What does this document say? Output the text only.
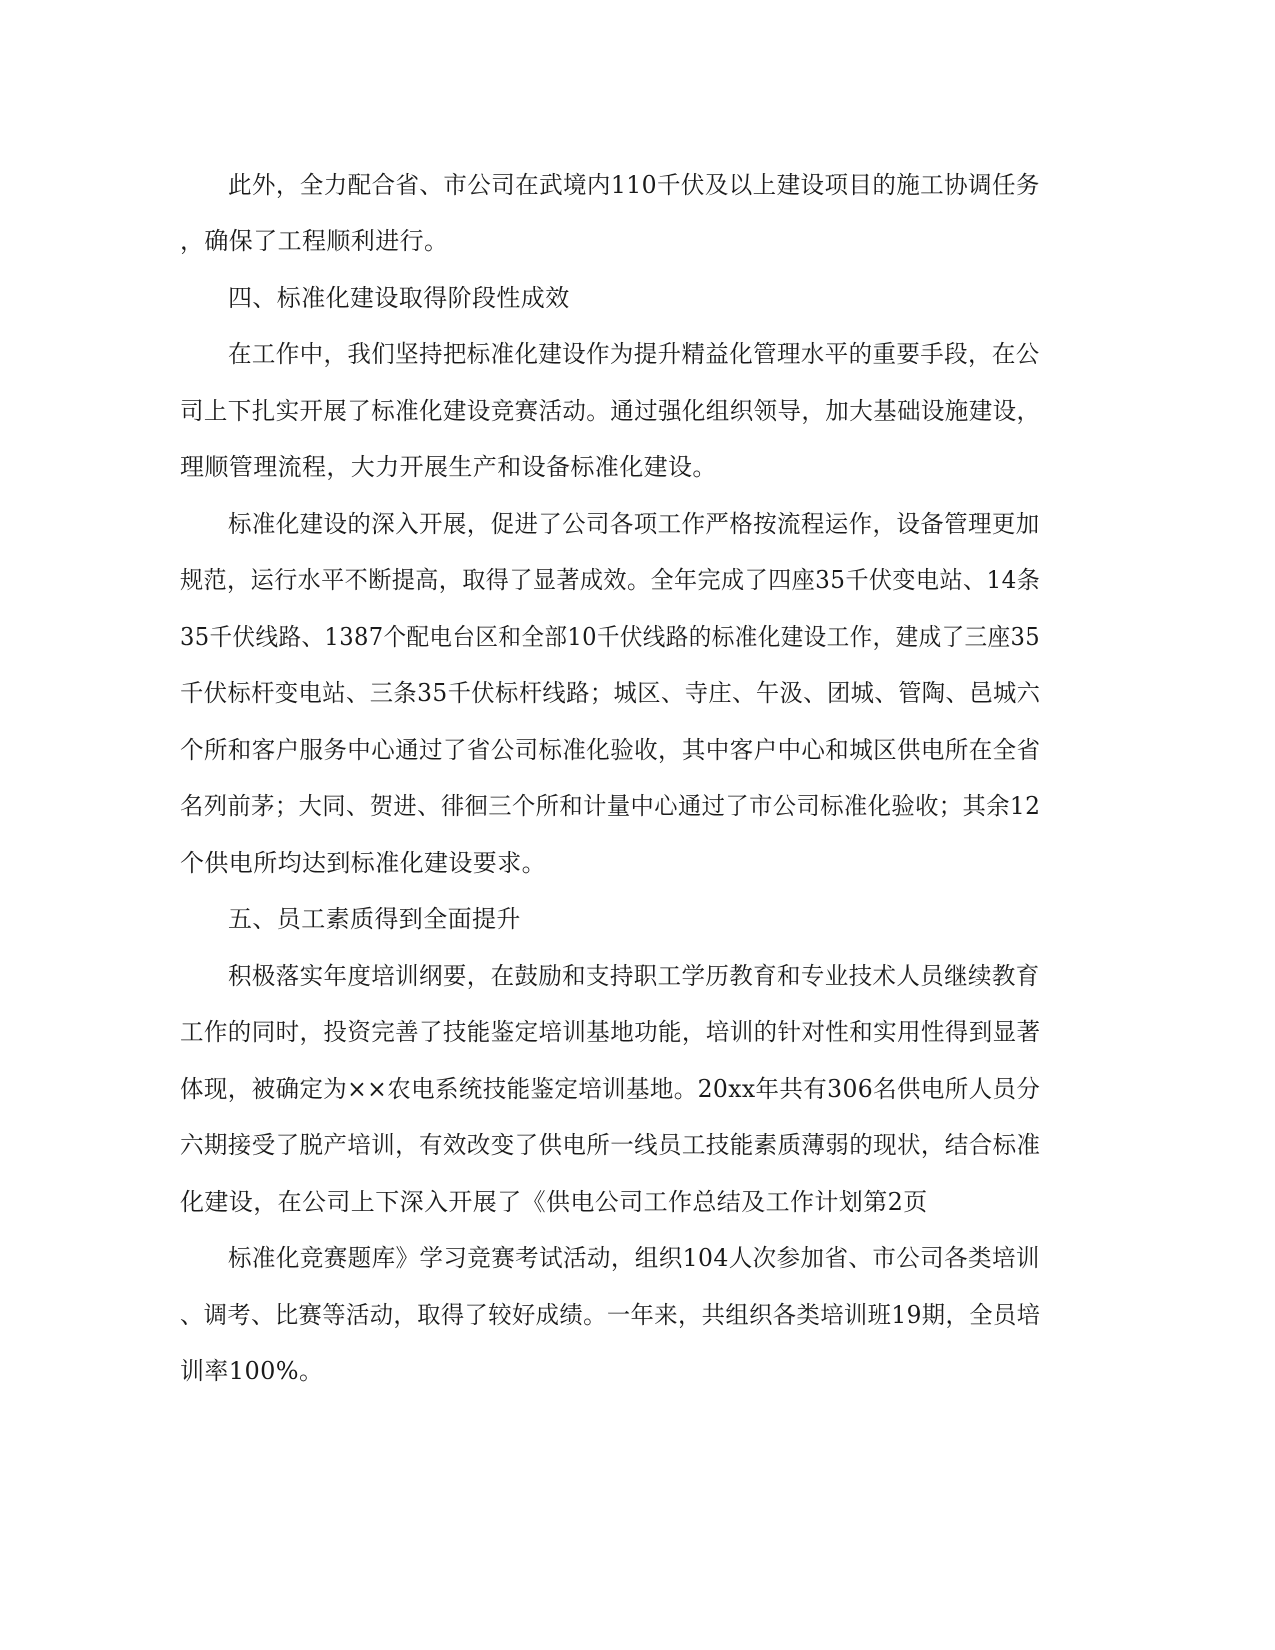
此外，全力配合省、市公司在武境内110千伏及以上建设项目的施工协调任务
，确保了工程顺利进行。
四、标准化建设取得阶段性成效
在工作中，我们坚持把标准化建设作为提升精益化管理水平的重要手段，在公
司上下扎实开展了标准化建设竞赛活动。通过强化组织领导，加大基础设施建设，
理顺管理流程，大力开展生产和设备标准化建设。
标准化建设的深入开展，促进了公司各项工作严格按流程运作，设备管理更加
规范，运行水平不断提高，取得了显著成效。全年完成了四座35千伏变电站、14条
35千伏线路、1387个配电台区和全部10千伏线路的标准化建设工作，建成了三座35
千伏标杆变电站、三条35千伏标杆线路；城区、寺庄、午汲、团城、管陶、邑城六
个所和客户服务中心通过了省公司标准化验收，其中客户中心和城区供电所在全省
名列前茅；大同、贺进、徘徊三个所和计量中心通过了市公司标准化验收；其余12
个供电所均达到标准化建设要求。
五、员工素质得到全面提升
积极落实年度培训纲要，在鼓励和支持职工学历教育和专业技术人员继续教育
工作的同时，投资完善了技能鉴定培训基地功能，培训的针对性和实用性得到显著
体现，被确定为××农电系统技能鉴定培训基地。20xx年共有306名供电所人员分
六期接受了脱产培训，有效改变了供电所一线员工技能素质薄弱的现状，结合标准
化建设，在公司上下深入开展了《供电公司工作总结及工作计划第2页
标准化竞赛题库》学习竞赛考试活动，组织104人次参加省、市公司各类培训
、调考、比赛等活动，取得了较好成绩。一年来，共组织各类培训班19期，全员培
训率100%。
